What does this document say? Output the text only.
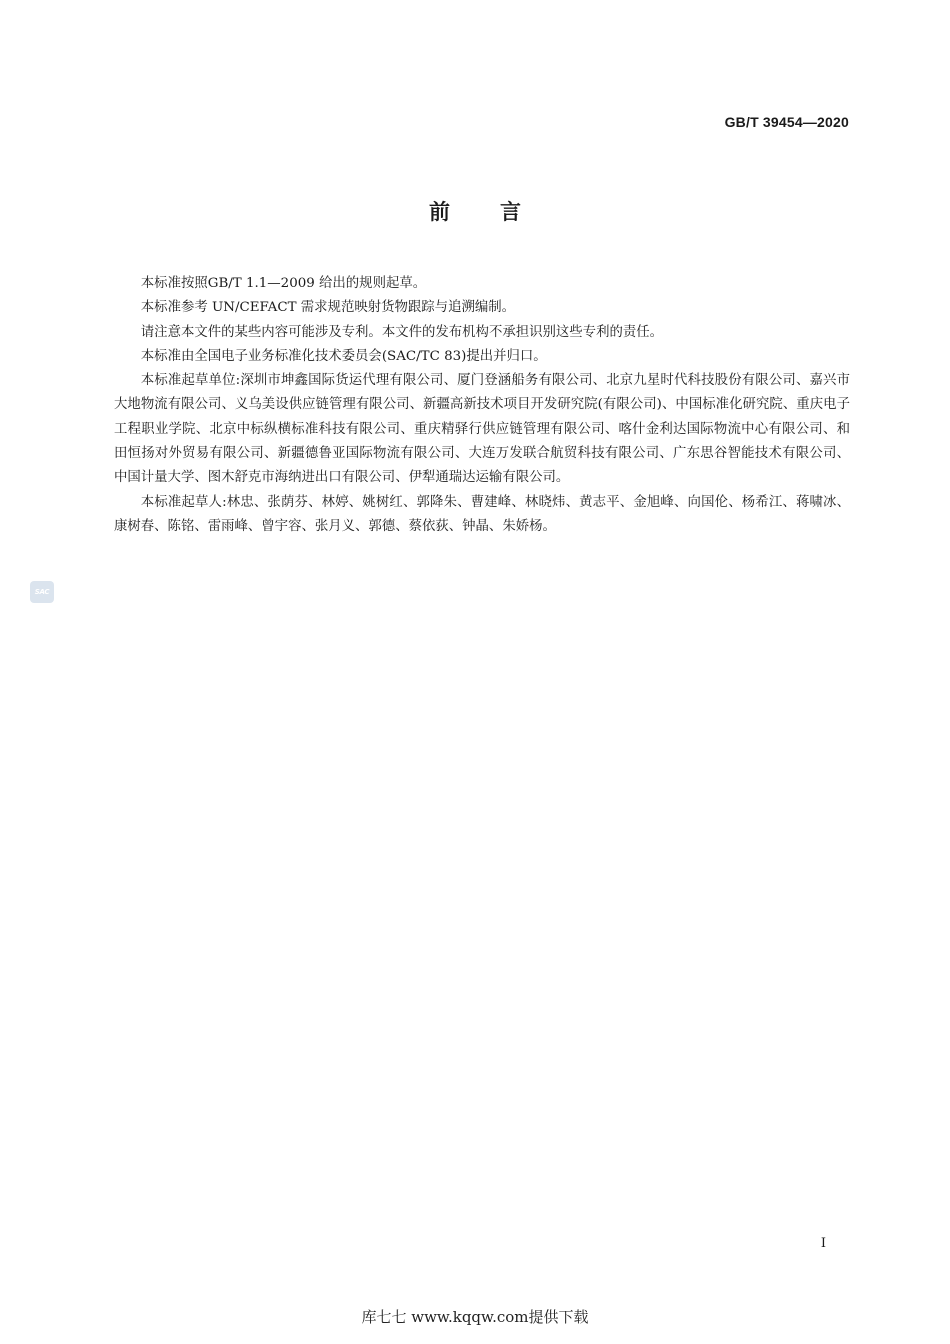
GB/T 39454—2020
前言

本标准按照GB/T 1.1—2009 给出的规则起草。

本标准参考 UN/CEFACT 需求规范映射货物跟踪与追溯编制。

请注意本文件的某些内容可能涉及专利。本文件的发布机构不承担识别这些专利的责任。

本标准由全国电子业务标准化技术委员会(SAC/TC 83)提出并归口。

本标准起草单位:深圳市坤鑫国际货运代理有限公司、厦门登涵船务有限公司、北京九星时代科技股份有限公司、嘉兴市大地物流有限公司、义乌美设供应链管理有限公司、新疆高新技术项目开发研究院(有限公司)、中国标准化研究院、重庆电子工程职业学院、北京中标纵横标准科技有限公司、重庆精驿行供应链管理有限公司、喀什金利达国际物流中心有限公司、和田恒扬对外贸易有限公司、新疆德鲁亚国际物流有限公司、大连万发联合航贸科技有限公司、广东思谷智能技术有限公司、中国计量大学、图木舒克市海纳进出口有限公司、伊犁通瑞达运输有限公司。

本标准起草人:林忠、张荫芬、林婷、姚树红、郭降朱、曹建峰、林晓炜、黄志平、金旭峰、向国伦、杨希江、蒋啸冰、康树春、陈铭、雷雨峰、曾宇容、张月义、郭德、蔡依荻、钟晶、朱娇杨。

SAC
I
库七七 www.kqqw.com提供下载
